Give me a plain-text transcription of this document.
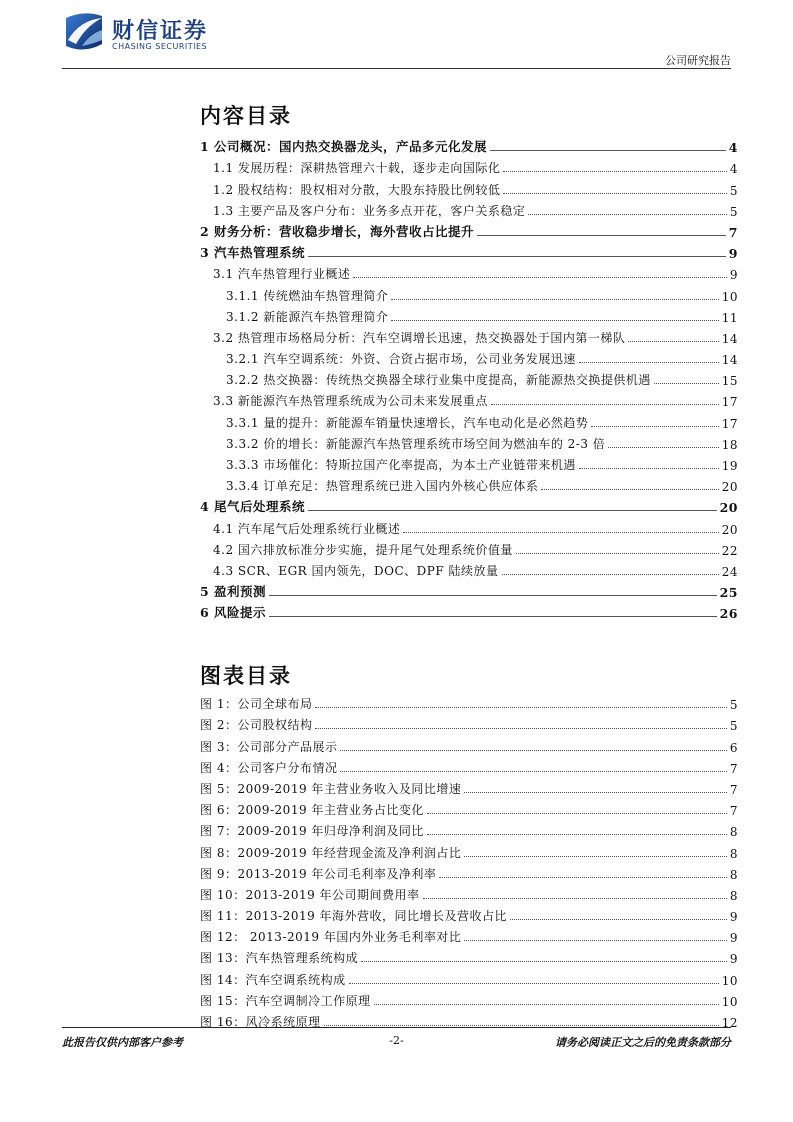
财信证券
CHASING SECURITIES
公司研究报告
内容目录
1 公司概况：国内热交换器龙头，产品多元化发展	4
1.1 发展历程：深耕热管理六十载，逐步走向国际化	4
1.2 股权结构：股权相对分散，大股东持股比例较低	5
1.3 主要产品及客户分布：业务多点开花，客户关系稳定	5
2 财务分析：营收稳步增长，海外营收占比提升	7
3 汽车热管理系统	9
3.1 汽车热管理行业概述	9
3.1.1 传统燃油车热管理简介	10
3.1.2 新能源汽车热管理简介	11
3.2 热管理市场格局分析：汽车空调增长迅速，热交换器处于国内第一梯队	14
3.2.1 汽车空调系统：外资、合资占据市场，公司业务发展迅速	14
3.2.2 热交换器：传统热交换器全球行业集中度提高，新能源热交换提供机遇	15
3.3 新能源汽车热管理系统成为公司未来发展重点	17
3.3.1 量的提升：新能源车销量快速增长，汽车电动化是必然趋势	17
3.3.2 价的增长：新能源汽车热管理系统市场空间为燃油车的 2-3 倍	18
3.3.3 市场催化：特斯拉国产化率提高，为本土产业链带来机遇	19
3.3.4 订单充足：热管理系统已进入国内外核心供应体系	20
4 尾气后处理系统	20
4.1 汽车尾气后处理系统行业概述	20
4.2 国六排放标准分步实施，提升尾气处理系统价值量	22
4.3 SCR、EGR 国内领先，DOC、DPF 陆续放量	24
5 盈利预测	25
6 风险提示	26
图表目录
图 1：公司全球布局	5
图 2：公司股权结构	5
图 3：公司部分产品展示	6
图 4：公司客户分布情况	7
图 5：2009-2019 年主营业务收入及同比增速	7
图 6：2009-2019 年主营业务占比变化	7
图 7：2009-2019 年归母净利润及同比	8
图 8：2009-2019 年经营现金流及净利润占比	8
图 9：2013-2019 年公司毛利率及净利率	8
图 10：2013-2019 年公司期间费用率	8
图 11：2013-2019 年海外营收，同比增长及营收占比	9
图 12： 2013-2019 年国内外业务毛利率对比	9
图 13：汽车热管理系统构成	9
图 14：汽车空调系统构成	10
图 15：汽车空调制冷工作原理	10
图 16：风冷系统原理	12
此报告仅供内部客户参考	-2-	请务必阅读正文之后的免责条款部分
